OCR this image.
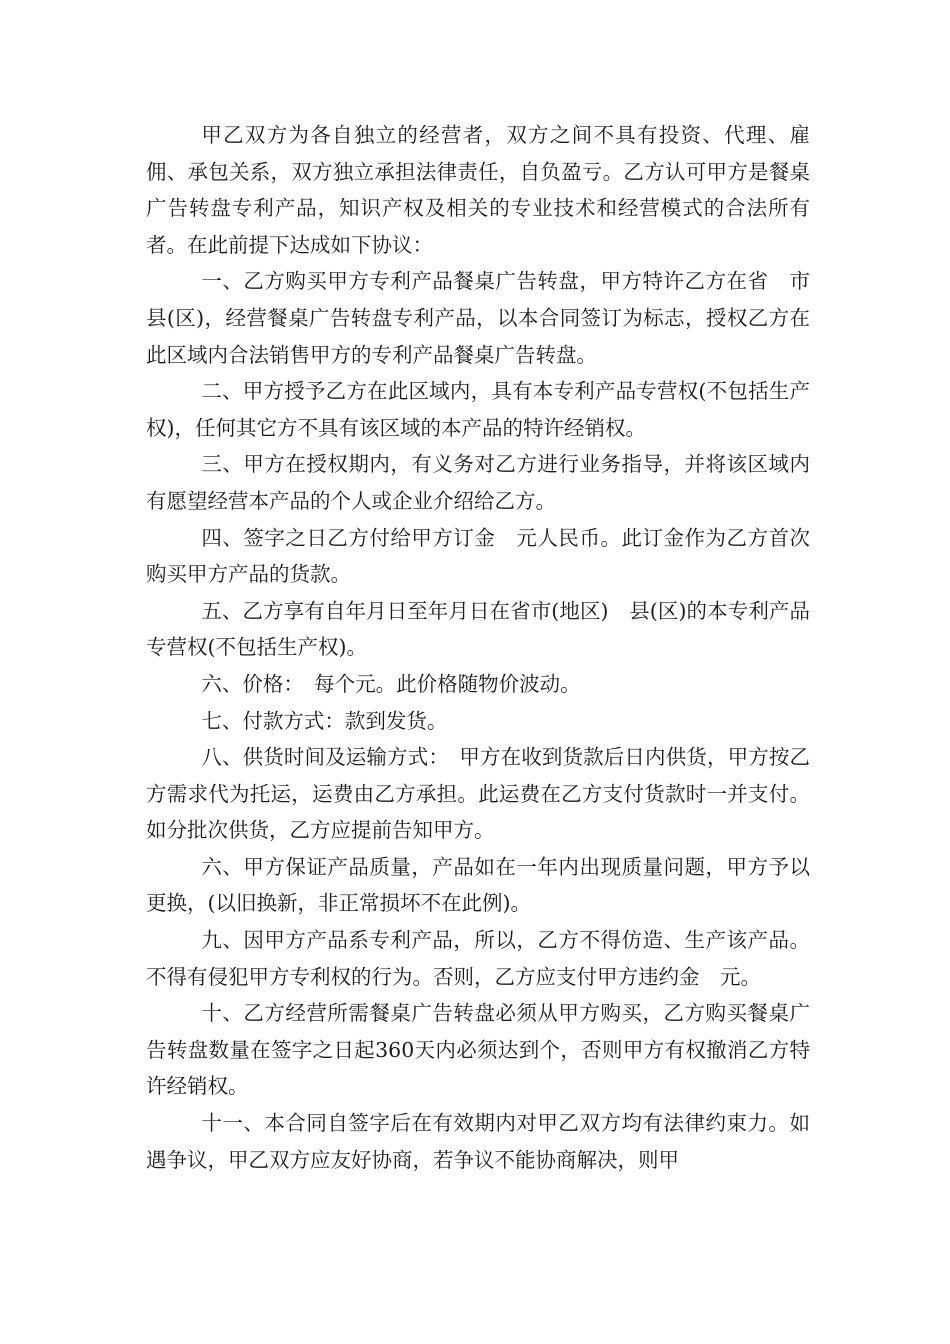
甲乙双方为各自独立的经营者，双方之间不具有投资、代理、雇佣、承包关系，双方独立承担法律责任，自负盈亏。乙方认可甲方是餐桌广告转盘专利产品，知识产权及相关的专业技术和经营模式的合法所有者。在此前提下达成如下协议：

一、乙方购买甲方专利产品餐桌广告转盘，甲方特许乙方在省　市县(区)，经营餐桌广告转盘专利产品，以本合同签订为标志，授权乙方在此区域内合法销售甲方的专利产品餐桌广告转盘。

二、甲方授予乙方在此区域内，具有本专利产品专营权(不包括生产权)，任何其它方不具有该区域的本产品的特许经销权。

三、甲方在授权期内，有义务对乙方进行业务指导，并将该区域内有愿望经营本产品的个人或企业介绍给乙方。

四、签字之日乙方付给甲方订金　元人民币。此订金作为乙方首次购买甲方产品的货款。

五、乙方享有自年月日至年月日在省市(地区)　县(区)的本专利产品专营权(不包括生产权)。

六、价格：　每个元。此价格随物价波动。

七、付款方式：款到发货。

八、供货时间及运输方式：　甲方在收到货款后日内供货，甲方按乙方需求代为托运，运费由乙方承担。此运费在乙方支付货款时一并支付。如分批次供货，乙方应提前告知甲方。

六、甲方保证产品质量，产品如在一年内出现质量问题，甲方予以更换，(以旧换新，非正常损坏不在此例)。

九、因甲方产品系专利产品，所以，乙方不得仿造、生产该产品。不得有侵犯甲方专利权的行为。否则，乙方应支付甲方违约金　元。

十、乙方经营所需餐桌广告转盘必须从甲方购买，乙方购买餐桌广告转盘数量在签字之日起360天内必须达到个，否则甲方有权撤消乙方特许经销权。

十一、本合同自签字后在有效期内对甲乙双方均有法律约束力。如遇争议，甲乙双方应友好协商，若争议不能协商解决，则甲
